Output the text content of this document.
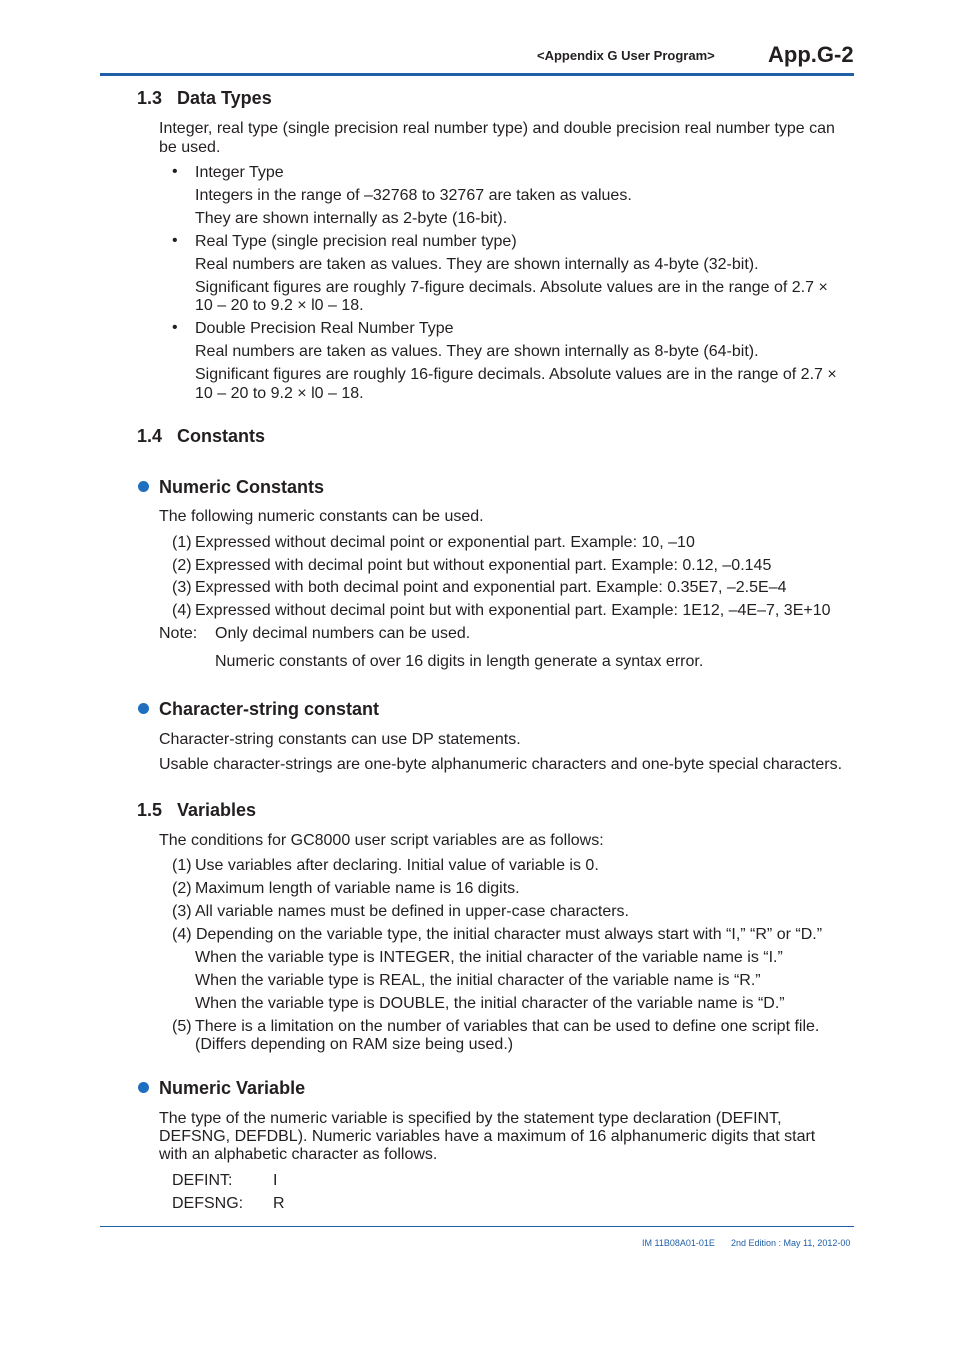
<Appendix G User Program> App.G-2
1.3 Data Types
Integer, real type (single precision real number type) and double precision real number type can
be used.
• Integer Type
Integers in the range of –32768 to 32767 are taken as values.
They are shown internally as 2-byte (16-bit).
• Real Type (single precision real number type)
Real numbers are taken as values. They are shown internally as 4-byte (32-bit).
Significant figures are roughly 7-figure decimals. Absolute values are in the range of 2.7 ×
10 – 20 to 9.2 × l0 – 18.
• Double Precision Real Number Type
Real numbers are taken as values. They are shown internally as 8-byte (64-bit).
Significant figures are roughly 16-figure decimals. Absolute values are in the range of 2.7 ×
10 – 20 to 9.2 × l0 – 18.
1.4 Constants
Numeric Constants
The following numeric constants can be used.
(1) Expressed without decimal point or exponential part. Example: 10, –10
(2) Expressed with decimal point but without exponential part. Example: 0.12, –0.145
(3) Expressed with both decimal point and exponential part. Example: 0.35E7, –2.5E–4
(4) Expressed without decimal point but with exponential part. Example: 1E12, –4E–7, 3E+10
Note: Only decimal numbers can be used.
Numeric constants of over 16 digits in length generate a syntax error.
Character-string constant
Character-string constants can use DP statements.
Usable character-strings are one-byte alphanumeric characters and one-byte special characters.
1.5 Variables
The conditions for GC8000 user script variables are as follows:
(1) Use variables after declaring. Initial value of variable is 0.
(2) Maximum length of variable name is 16 digits.
(3) All variable names must be defined in upper-case characters.
(4) Depending on the variable type, the initial character must always start with “I,” “R” or “D.”
When the variable type is INTEGER, the initial character of the variable name is “I.”
When the variable type is REAL, the initial character of the variable name is “R.”
When the variable type is DOUBLE, the initial character of the variable name is “D.”
(5) There is a limitation on the number of variables that can be used to define one script file.
(Differs depending on RAM size being used.)
Numeric Variable
The type of the numeric variable is specified by the statement type declaration (DEFINT,
DEFSNG, DEFDBL). Numeric variables have a maximum of 16 alphanumeric digits that start
with an alphabetic character as follows.
DEFINT:	I
DEFSNG: R
IM 11B08A01-01E 2nd Edition : May 11, 2012-00
